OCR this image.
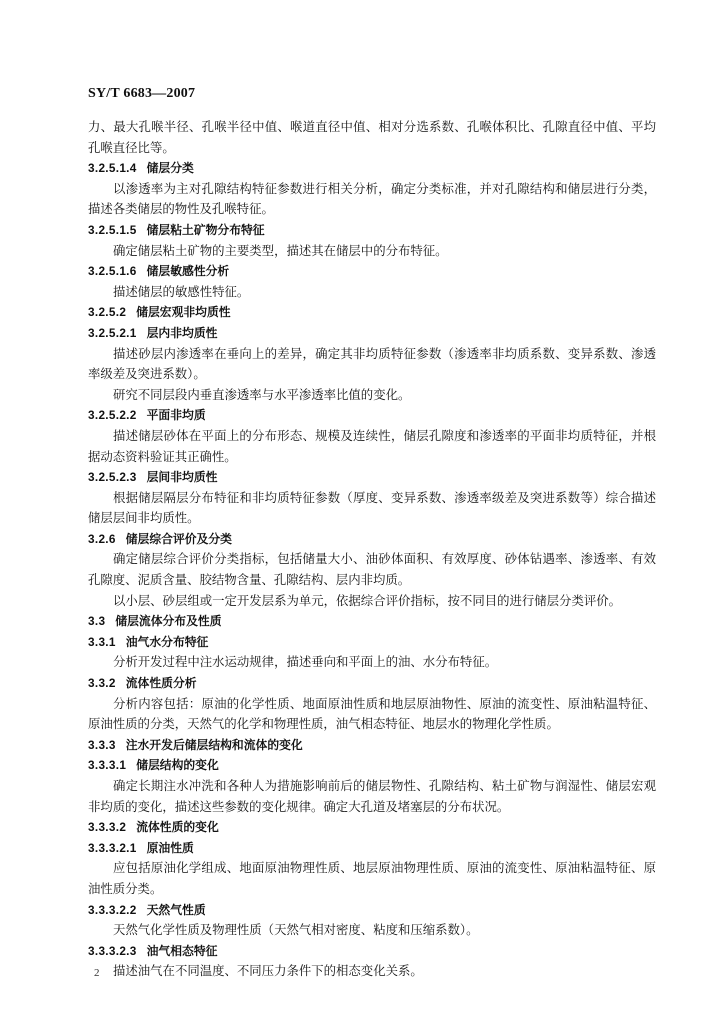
SY/T 6683—2007

力、最大孔喉半径、孔喉半径中值、喉道直径中值、相对分选系数、孔喉体积比、孔隙直径中值、平均孔喉直径比等。

3.2.5.1.4 储层分类

以渗透率为主对孔隙结构特征参数进行相关分析，确定分类标准，并对孔隙结构和储层进行分类，描述各类储层的物性及孔喉特征。

3.2.5.1.5 储层粘土矿物分布特征

确定储层粘土矿物的主要类型，描述其在储层中的分布特征。

3.2.5.1.6 储层敏感性分析

描述储层的敏感性特征。

3.2.5.2 储层宏观非均质性

3.2.5.2.1 层内非均质性

描述砂层内渗透率在垂向上的差异，确定其非均质特征参数（渗透率非均质系数、变异系数、渗透率级差及突进系数）。

研究不同层段内垂直渗透率与水平渗透率比值的变化。

3.2.5.2.2 平面非均质

描述储层砂体在平面上的分布形态、规模及连续性，储层孔隙度和渗透率的平面非均质特征，并根据动态资料验证其正确性。

3.2.5.2.3 层间非均质性

根据储层隔层分布特征和非均质特征参数（厚度、变异系数、渗透率级差及突进系数等）综合描述储层层间非均质性。

3.2.6 储层综合评价及分类

确定储层综合评价分类指标，包括储量大小、油砂体面积、有效厚度、砂体钻遇率、渗透率、有效孔隙度、泥质含量、胶结物含量、孔隙结构、层内非均质。

以小层、砂层组或一定开发层系为单元，依据综合评价指标，按不同目的进行储层分类评价。

3.3 储层流体分布及性质

3.3.1 油气水分布特征

分析开发过程中注水运动规律，描述垂向和平面上的油、水分布特征。

3.3.2 流体性质分析

分析内容包括：原油的化学性质、地面原油性质和地层原油物性、原油的流变性、原油粘温特征、原油性质的分类，天然气的化学和物理性质，油气相态特征、地层水的物理化学性质。

3.3.3 注水开发后储层结构和流体的变化

3.3.3.1 储层结构的变化

确定长期注水冲洗和各种人为措施影响前后的储层物性、孔隙结构、粘土矿物与润湿性、储层宏观非均质的变化，描述这些参数的变化规律。确定大孔道及堵塞层的分布状况。

3.3.3.2 流体性质的变化

3.3.3.2.1 原油性质

应包括原油化学组成、地面原油物理性质、地层原油物理性质、原油的流变性、原油粘温特征、原油性质分类。

3.3.3.2.2 天然气性质

天然气化学性质及物理性质（天然气相对密度、粘度和压缩系数）。

3.3.3.2.3 油气相态特征

描述油气在不同温度、不同压力条件下的相态变化关系。

2
